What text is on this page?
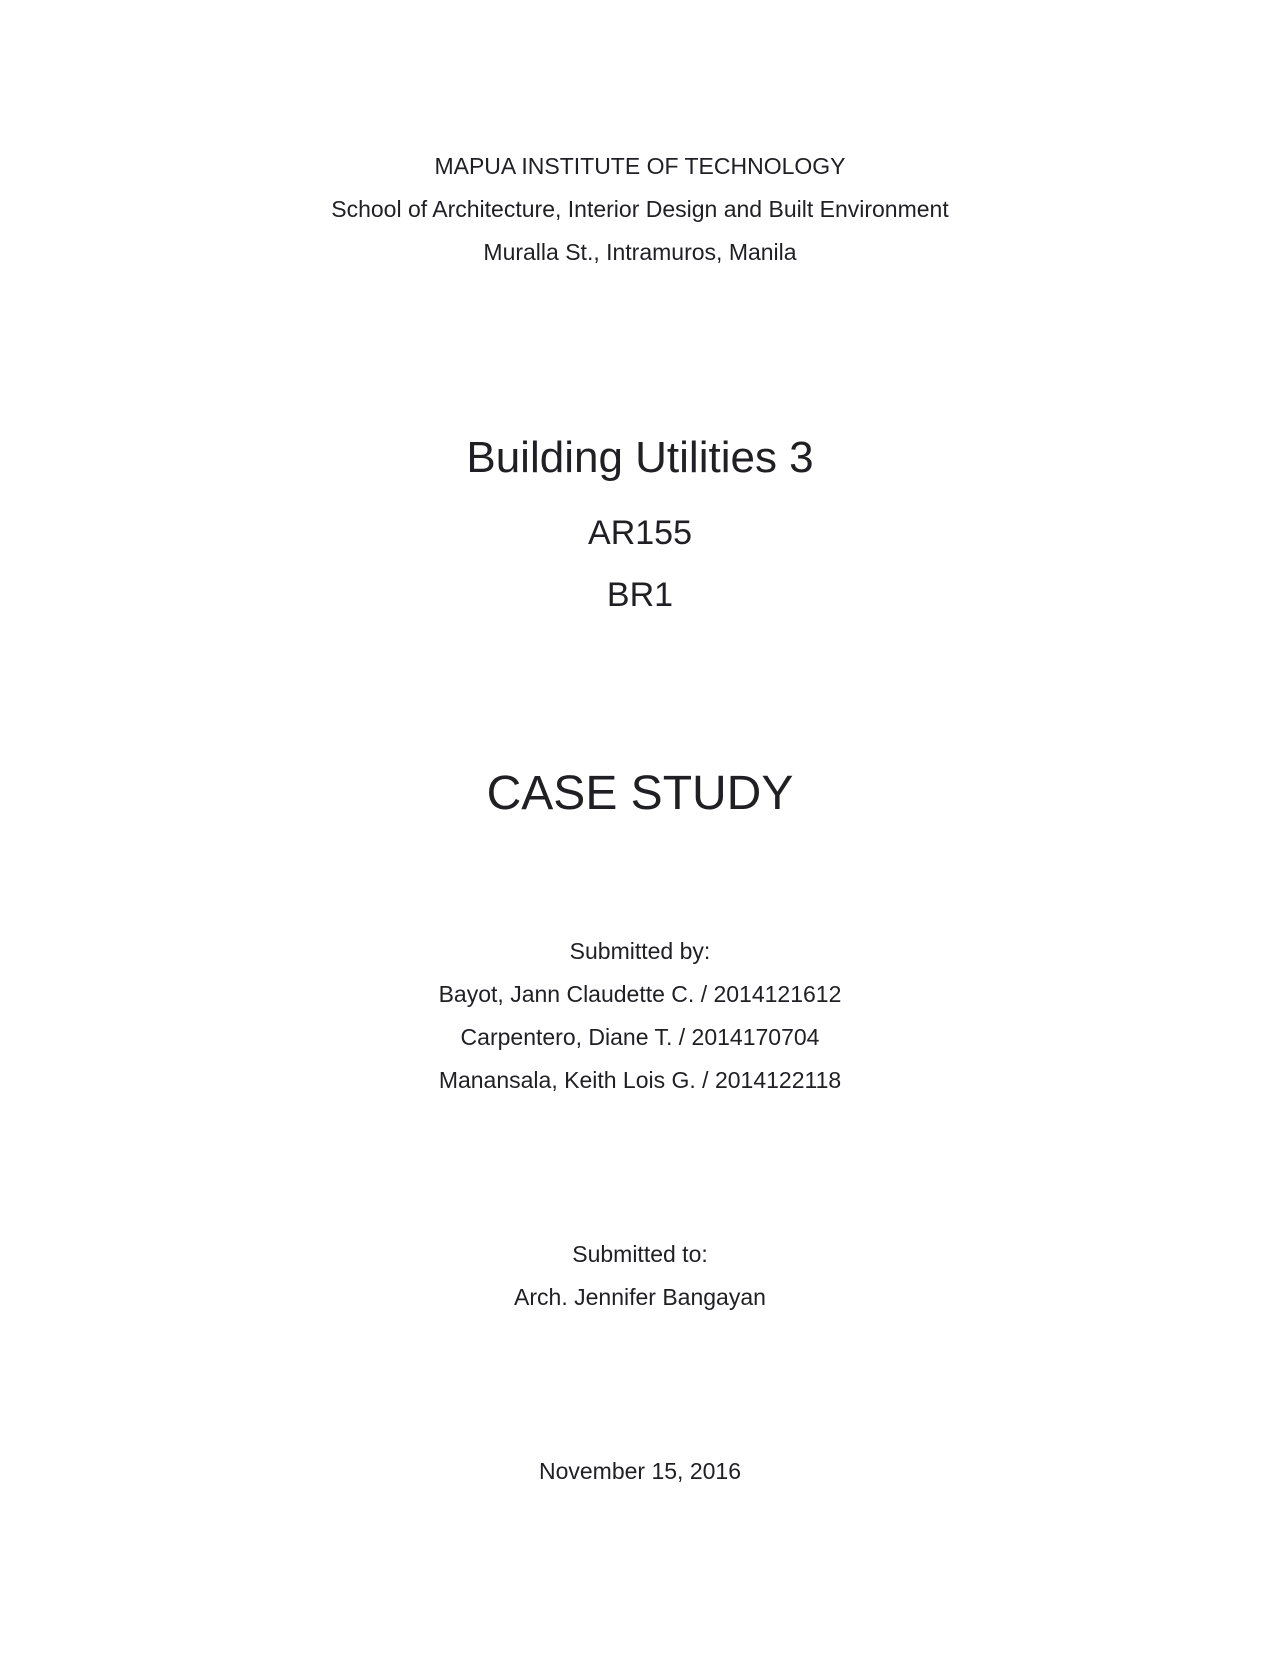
MAPUA INSTITUTE OF TECHNOLOGY

School of Architecture, Interior Design and Built Environment

Muralla St., Intramuros, Manila

Building Utilities 3

AR155

BR1

CASE STUDY

Submitted by:

Bayot, Jann Claudette C. / 2014121612

Carpentero, Diane T. / 2014170704

Manansala, Keith Lois G. / 2014122118

Submitted to:

Arch. Jennifer Bangayan

November 15, 2016
